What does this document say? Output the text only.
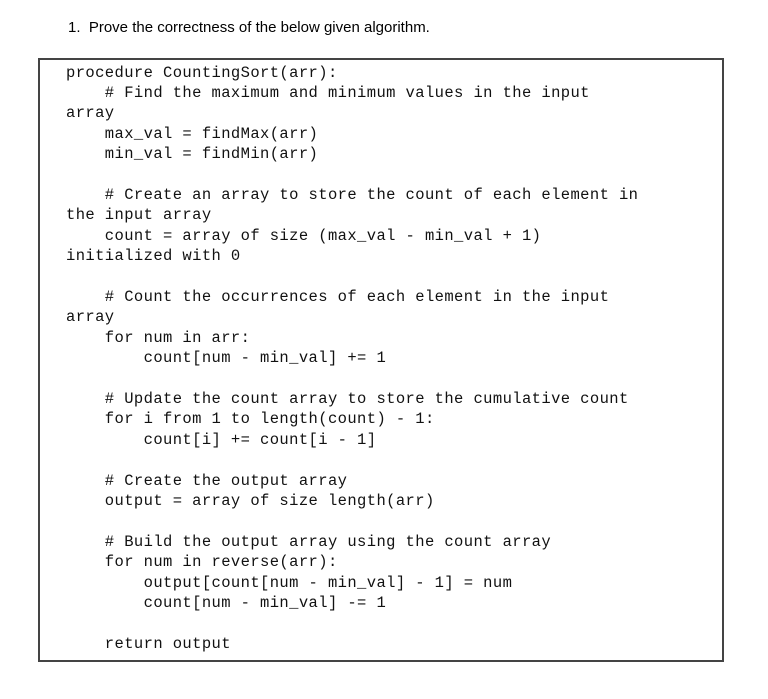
1.  Prove the correctness of the below given algorithm.

procedure CountingSort(arr):
# Find the maximum and minimum values in the input
array
max_val = findMax(arr)
min_val = findMin(arr)
# Create an array to store the count of each element in
the input array
count = array of size (max_val - min_val + 1)
initialized with 0
# Count the occurrences of each element in the input
array
for num in arr:
count[num - min_val] += 1
# Update the count array to store the cumulative count
for i from 1 to length(count) - 1:
count[i] += count[i - 1]
# Create the output array
output = array of size length(arr)
# Build the output array using the count array
for num in reverse(arr):
output[count[num - min_val] - 1] = num
count[num - min_val] -= 1
return output
